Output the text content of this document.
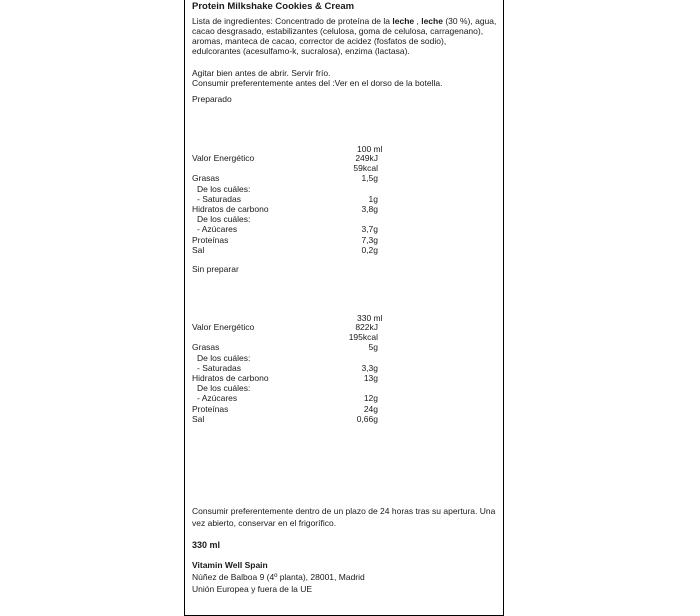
Protein Milkshake Cookies & Cream
Lista de ingredientes: Concentrado de proteína de la leche , leche (30 %), agua,
cacao desgrasado, estabilizantes (celulosa, goma de celulosa, carragenano),
aromas, manteca de cacao, corrector de acidez (fosfatos de sodio),
edulcorantes (acesulfamo-k, sucralosa), enzima (lactasa).
Agitar bien antes de abrir. Servir frío.
Consumir preferentemente antes del :Ver en el dorso de la botella.
Preparado
100 ml
Valor Energético	249kJ
59kcal
Grasas	1,5g
De los cuáles:
- Saturadas	1g
Hidratos de carbono	3,8g
De los cuáles:
- Azúcares	3,7g
Proteínas	7,3g
Sal	0,2g
Sin preparar
330 ml
Valor Energético	822kJ
195kcal
Grasas	5g
De los cuáles:
- Saturadas	3,3g
Hidratos de carbono	13g
De los cuáles:
- Azúcares	12g
Proteínas	24g
Sal	0,66g
Consumir preferentemente dentro de un plazo de 24 horas tras su apertura. Una
vez abierto, conservar en el frigorífico.
330 ml
Vitamin Well Spain
Núñez de Balboa 9 (4º planta), 28001, Madrid
Unión Europea y fuera de la UE
